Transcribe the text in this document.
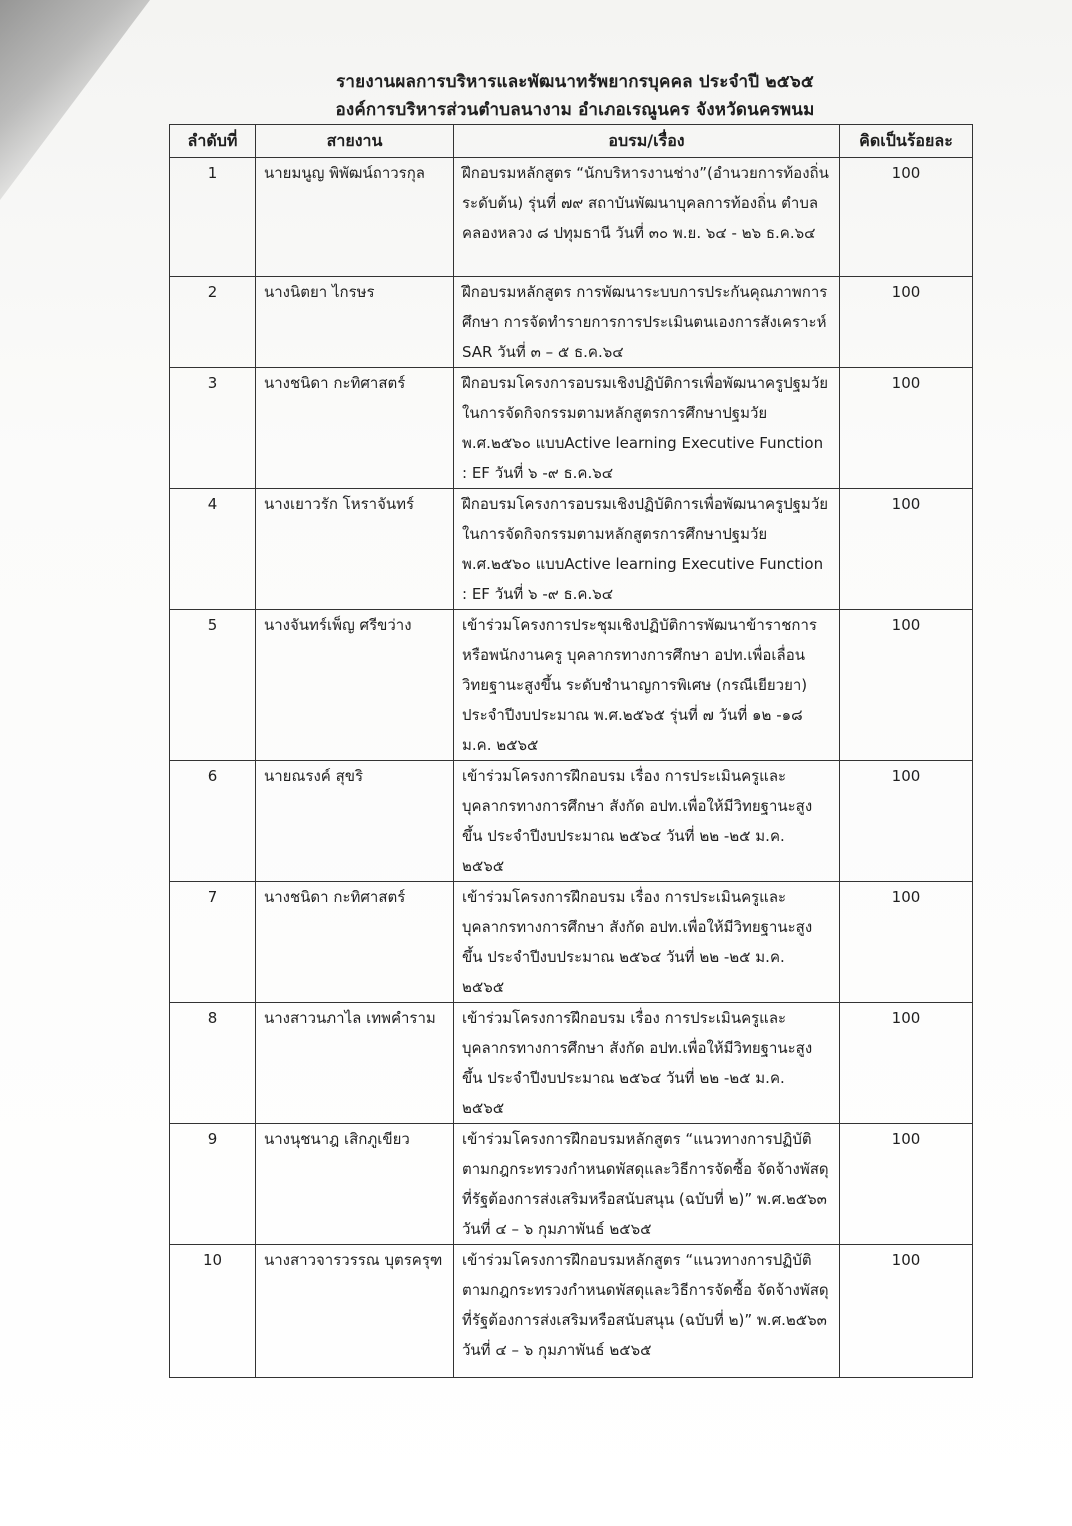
รายงานผลการบริหารและพัฒนาทรัพยากรบุคคล ประจำปี ๒๕๖๕
องค์การบริหารส่วนตำบลนางาม อำเภอเรณูนคร จังหวัดนครพนม
ลำดับที่	สายงาน	อบรม/เรื่อง	คิดเป็นร้อยละ
1	นายมนูญ พิพัฒน์ถาวรกุล	ฝึกอบรมหลักสูตร “นักบริหารงานช่าง”(อำนวยการท้องถิ่น ระดับต้น) รุ่นที่ ๗๙ สถาบันพัฒนาบุคลการท้องถิ่น ตำบลคลองหลวง ๘ ปทุมธานี วันที่ ๓๐ พ.ย. ๖๔ - ๒๖ ธ.ค.๖๔	100
2	นางนิตยา ไกรษร	ฝึกอบรมหลักสูตร การพัฒนาระบบการประกันคุณภาพการศึกษา การจัดทำรายการการประเมินตนเองการสังเคราะห์ SAR วันที่ ๓ – ๕ ธ.ค.๖๔	100
3	นางชนิดา กะทิศาสตร์	ฝึกอบรมโครงการอบรมเชิงปฏิบัติการเพื่อพัฒนาครูปฐมวัยในการจัดกิจกรรมตามหลักสูตรการศึกษาปฐมวัย พ.ศ.๒๕๖๐ แบบActive learning Executive Function : EF วันที่ ๖ -๙ ธ.ค.๖๔	100
4	นางเยาวรัก โหราจันทร์	ฝึกอบรมโครงการอบรมเชิงปฏิบัติการเพื่อพัฒนาครูปฐมวัยในการจัดกิจกรรมตามหลักสูตรการศึกษาปฐมวัย พ.ศ.๒๕๖๐ แบบActive learning Executive Function : EF วันที่ ๖ -๙ ธ.ค.๖๔	100
5	นางจันทร์เพ็ญ ศรีขว่าง	เข้าร่วมโครงการประชุมเชิงปฏิบัติการพัฒนาข้าราชการหรือพนักงานครู บุคลากรทางการศึกษา อปท.เพื่อเลื่อนวิทยฐานะสูงขึ้น ระดับชำนาญการพิเศษ (กรณีเยียวยา) ประจำปีงบประมาณ พ.ศ.๒๕๖๕ รุ่นที่ ๗ วันที่ ๑๒ -๑๘ ม.ค. ๒๕๖๕	100
6	นายณรงค์ สุขริ	เข้าร่วมโครงการฝึกอบรม เรื่อง การประเมินครูและบุคลากรทางการศึกษา สังกัด อปท.เพื่อให้มีวิทยฐานะสูงขึ้น ประจำปีงบประมาณ ๒๕๖๔ วันที่ ๒๒ -๒๕ ม.ค. ๒๕๖๕	100
7	นางชนิดา กะทิศาสตร์	เข้าร่วมโครงการฝึกอบรม เรื่อง การประเมินครูและบุคลากรทางการศึกษา สังกัด อปท.เพื่อให้มีวิทยฐานะสูงขึ้น ประจำปีงบประมาณ ๒๕๖๔ วันที่ ๒๒ -๒๕ ม.ค. ๒๕๖๕	100
8	นางสาวนภาไล เทพคำราม	เข้าร่วมโครงการฝึกอบรม เรื่อง การประเมินครูและบุคลากรทางการศึกษา สังกัด อปท.เพื่อให้มีวิทยฐานะสูงขึ้น ประจำปีงบประมาณ ๒๕๖๔ วันที่ ๒๒ -๒๕ ม.ค. ๒๕๖๕	100
9	นางนุชนาฎ เสิกภูเขียว	เข้าร่วมโครงการฝึกอบรมหลักสูตร “แนวทางการปฏิบัติตามกฎกระทรวงกำหนดพัสดุและวิธีการจัดซื้อ จัดจ้างพัสดุ ที่รัฐต้องการส่งเสริมหรือสนับสนุน (ฉบับที่ ๒)” พ.ศ.๒๕๖๓ วันที่ ๔ – ๖ กุมภาพันธ์ ๒๕๖๕	100
10	นางสาวจารวรรณ บุตรครุฑ	เข้าร่วมโครงการฝึกอบรมหลักสูตร “แนวทางการปฏิบัติตามกฎกระทรวงกำหนดพัสดุและวิธีการจัดซื้อ จัดจ้างพัสดุ ที่รัฐต้องการส่งเสริมหรือสนับสนุน (ฉบับที่ ๒)” พ.ศ.๒๕๖๓ วันที่ ๔ – ๖ กุมภาพันธ์ ๒๕๖๕	100
